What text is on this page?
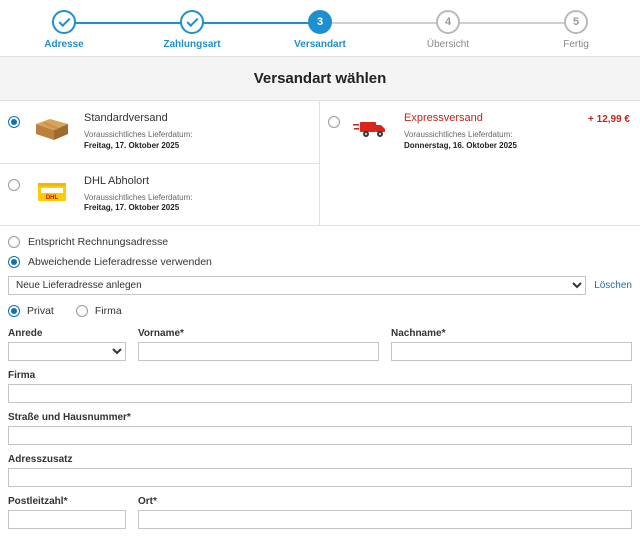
Adresse	Zahlungsart
3
Versandart
4
Übersicht
5
Fertig
Versandart wählen
Standardversand
Voraussichtliches Lieferdatum:
Freitag, 17. Oktober 2025
DHL
DHL Abholort
Voraussichtliches Lieferdatum:
Freitag, 17. Oktober 2025
Expressversand
Voraussichtliches Lieferdatum:
Donnerstag, 16. Oktober 2025
+ 12,99 €
Entspricht Rechnungsadresse
Abweichende Lieferadresse verwenden
Neue Lieferadresse anlegen
Löschen
Privat	Firma
Anrede	Vorname*	Nachname*
Firma
Straße und Hausnummer*
Adresszusatz
Postleitzahl*	Ort*
